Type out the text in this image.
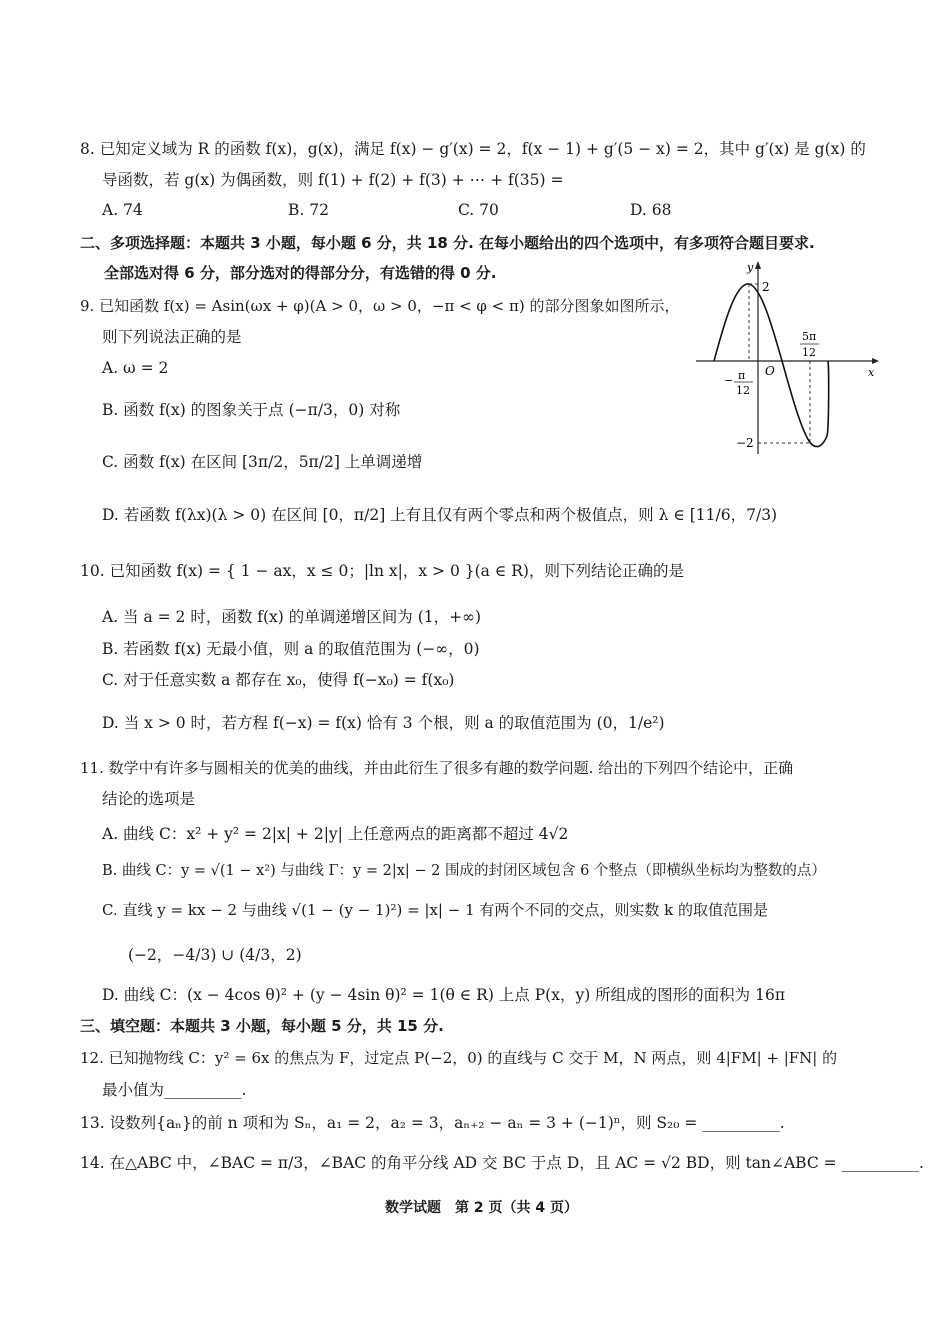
8. 已知定义域为 R 的函数 f(x)，g(x)，满足 f(x) − g′(x) = 2，f(x − 1) + g′(5 − x) = 2，其中 g′(x) 是 g(x) 的
导函数，若 g(x) 为偶函数，则 f(1) + f(2) + f(3) + ⋯ + f(35) =
A. 74	B. 72	C. 70	D. 68
二、多项选择题：本题共 3 小题，每小题 6 分，共 18 分. 在每小题给出的四个选项中，有多项符合题目要求.
全部选对得 6 分，部分选对的得部分分，有选错的得 0 分.
9. 已知函数 f(x) = Asin(ωx + φ)(A > 0，ω > 0，−π < φ < π) 的部分图象如图所示，
则下列说法正确的是
A. ω = 2
B. 函数 f(x) 的图象关于点 (−π/3，0) 对称
C. 函数 f(x) 在区间 [3π/2，5π/2] 上单调递增
D. 若函数 f(λx)(λ > 0) 在区间 [0，π/2] 上有且仅有两个零点和两个极值点，则 λ ∈ [11/6，7/3)
y
x
O
2
−2
− π
12
5π
12
10. 已知函数 f(x) = { 1 − ax，x ≤ 0；|ln x|，x > 0 }(a ∈ R)，则下列结论正确的是
A. 当 a = 2 时，函数 f(x) 的单调递增区间为 (1，+∞)
B. 若函数 f(x) 无最小值，则 a 的取值范围为 (−∞，0)
C. 对于任意实数 a 都存在 x₀，使得 f(−x₀) = f(x₀)
D. 当 x > 0 时，若方程 f(−x) = f(x) 恰有 3 个根，则 a 的取值范围为 (0，1/e²)
11. 数学中有许多与圆相关的优美的曲线，并由此衍生了很多有趣的数学问题. 给出的下列四个结论中，正确
结论的选项是
A. 曲线 C：x² + y² = 2|x| + 2|y| 上任意两点的距离都不超过 4√2
B. 曲线 C：y = √(1 − x²) 与曲线 Γ：y = 2|x| − 2 围成的封闭区域包含 6 个整点（即横纵坐标均为整数的点）
C. 直线 y = kx − 2 与曲线 √(1 − (y − 1)²) = |x| − 1 有两个不同的交点，则实数 k 的取值范围是
(−2，−4/3) ∪ (4/3，2)
D. 曲线 C：(x − 4cos θ)² + (y − 4sin θ)² = 1(θ ∈ R) 上点 P(x，y) 所组成的图形的面积为 16π
三、填空题：本题共 3 小题，每小题 5 分，共 15 分.
12. 已知抛物线 C：y² = 6x 的焦点为 F，过定点 P(−2，0) 的直线与 C 交于 M，N 两点，则 4|FM| + |FN| 的
最小值为__________.
13. 设数列{aₙ}的前 n 项和为 Sₙ，a₁ = 2，a₂ = 3，aₙ₊₂ − aₙ = 3 + (−1)ⁿ，则 S₂₀ = __________.
14. 在△ABC 中，∠BAC = π/3，∠BAC 的角平分线 AD 交 BC 于点 D，且 AC = √2 BD，则 tan∠ABC = __________.
数学试题　第 2 页（共 4 页）
